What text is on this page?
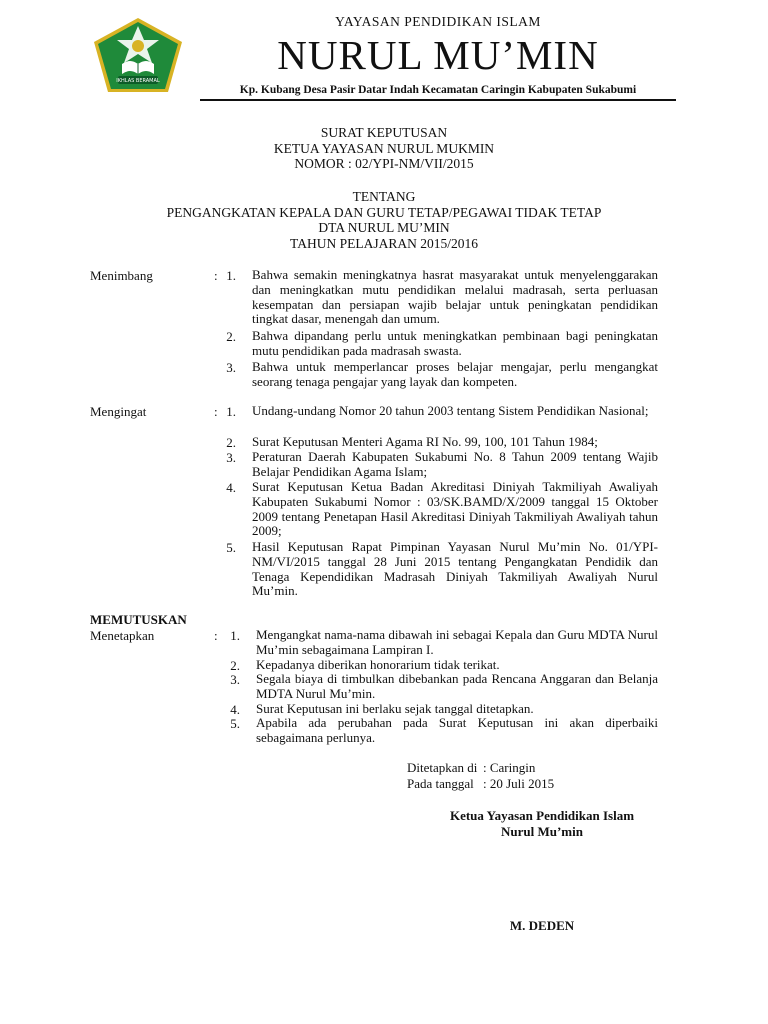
IKHLAS BERAMAL
YAYASAN PENDIDIKAN ISLAM
NURUL MU’MIN
Kp. Kubang Desa Pasir Datar Indah Kecamatan Caringin Kabupaten Sukabumi
SURAT KEPUTUSAN
KETUA YAYASAN NURUL MUKMIN
NOMOR : 02/YPI-NM/VII/2015
TENTANG
PENGANGKATAN KEPALA DAN GURU TETAP/PEGAWAI TIDAK TETAP
DTA NURUL MU’MIN
TAHUN PELAJARAN 2015/2016
Menimbang	: 1. Bahwa semakin meningkatnya hasrat masyarakat untuk menyelenggarakan dan meningkatkan mutu pendidikan melalui madrasah, serta perluasan kesempatan dan persiapan wajib belajar untuk peningkatan pendidikan tingkat dasar, menengah dan umum.
2. Bahwa dipandang perlu untuk meningkatkan pembinaan bagi peningkatan mutu pendidikan pada madrasah swasta.
3. Bahwa untuk memperlancar proses belajar mengajar, perlu mengangkat seorang tenaga pengajar yang layak dan kompeten.
Mengingat	: 1. Undang-undang Nomor 20 tahun 2003 tentang Sistem Pendidikan Nasional;
2. Surat Keputusan Menteri Agama RI No. 99, 100, 101 Tahun 1984;
3. Peraturan Daerah Kabupaten Sukabumi No. 8 Tahun 2009 tentang Wajib Belajar Pendidikan Agama Islam;
4. Surat Keputusan Ketua Badan Akreditasi Diniyah Takmiliyah Awaliyah Kabupaten Sukabumi Nomor : 03/SK.BAMD/X/2009 tanggal 15 Oktober 2009 tentang Penetapan Hasil Akreditasi Diniyah Takmiliyah Awaliyah tahun 2009;
5. Hasil Keputusan Rapat Pimpinan Yayasan Nurul Mu’min No. 01/YPI-NM/VI/2015 tanggal 28 Juni 2015 tentang Pengangkatan Pendidik dan Tenaga Kependidikan Madrasah Diniyah Takmiliyah Awaliyah Nurul Mu’min.
MEMUTUSKAN
Menetapkan	: 1. Mengangkat nama-nama dibawah ini sebagai Kepala dan Guru MDTA Nurul Mu’min sebagaimana Lampiran I.
2. Kepadanya diberikan honorarium tidak terikat.
3. Segala biaya di timbulkan dibebankan pada Rencana Anggaran dan Belanja MDTA Nurul Mu’min.
4. Surat Keputusan ini berlaku sejak tanggal ditetapkan.
5. Apabila ada perubahan pada Surat Keputusan ini akan diperbaiki sebagaimana perlunya.
Ditetapkan di : Caringin
Pada tanggal : 20 Juli 2015
Ketua Yayasan Pendidikan Islam
Nurul Mu’min
M. DEDEN
